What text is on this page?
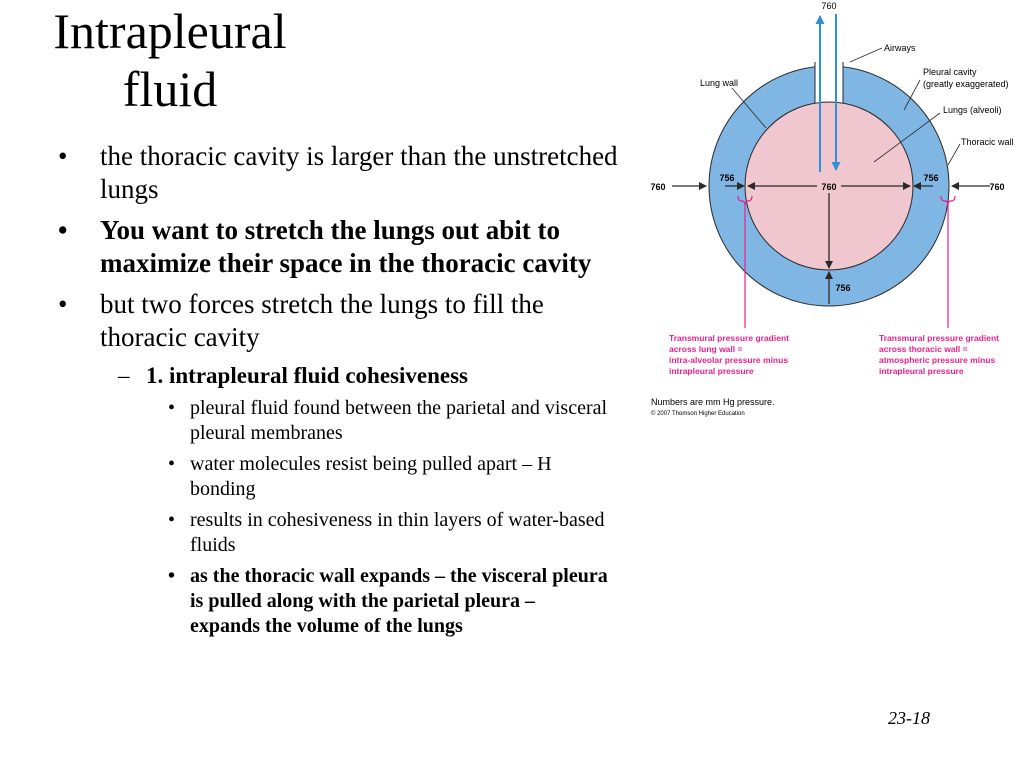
Intrapleural
fluid
• the thoracic cavity is larger than the unstretched lungs
• You want to stretch the lungs out abit to maximize their space in the thoracic cavity
• but two forces stretch the lungs to fill the thoracic cavity
– 1. intrapleural fluid cohesiveness
• pleural fluid found between the parietal and visceral pleural membranes
• water molecules resist being pulled apart – H bonding
• results in cohesiveness in thin layers of water-based fluids
• as the thoracic wall expands – the visceral pleura is pulled along with the parietal pleura – expands the volume of the lungs
760
760
756
760
756
760
756
Airways
Lung wall
Pleural cavity
(greatly exaggerated)
Lungs (alveoli)
Thoracic wall
Transmural pressure gradient
across lung wall =
intra-alveolar pressure minus
intrapleural pressure
Transmural pressure gradient
across thoracic wall =
atmospheric pressure minus
intrapleural pressure
Numbers are mm Hg pressure.
© 2007 Thomson Higher Education
23-18
